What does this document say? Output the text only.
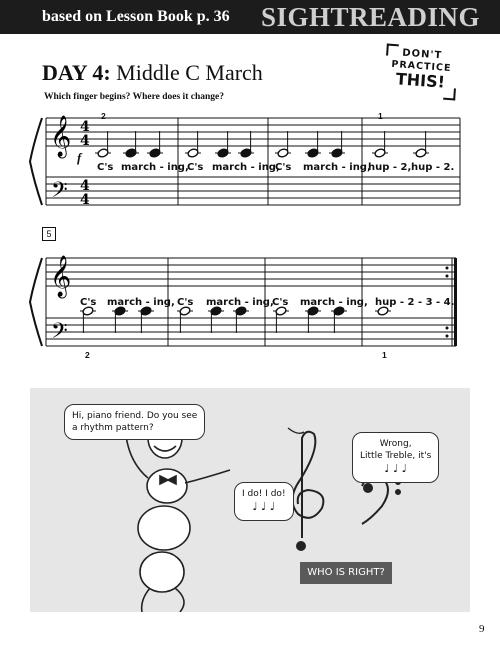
based on Lesson Book p. 36 SIGHTREADING
DAY 4: Middle C March
Which finger begins? Where does it change?
DON'T
PRACTICE
THIS!
𝄞
𝄢
4
4
4
4
𝄞
𝄢
f
5
2	1
2	1
C's march - ing,
C's march - ing,
C's march - ing,
hup - 2, hup - 2.
C's march - ing, C's march - ing,
C's march - ing, hup - 2 - 3 - 4.
Hi, piano friend. Do you see
a rhythm pattern?
I do! I do!
♩ ♩ ♩
Wrong,
Little Treble, it's
♩ ♩ ♩
WHO IS RIGHT?
9
